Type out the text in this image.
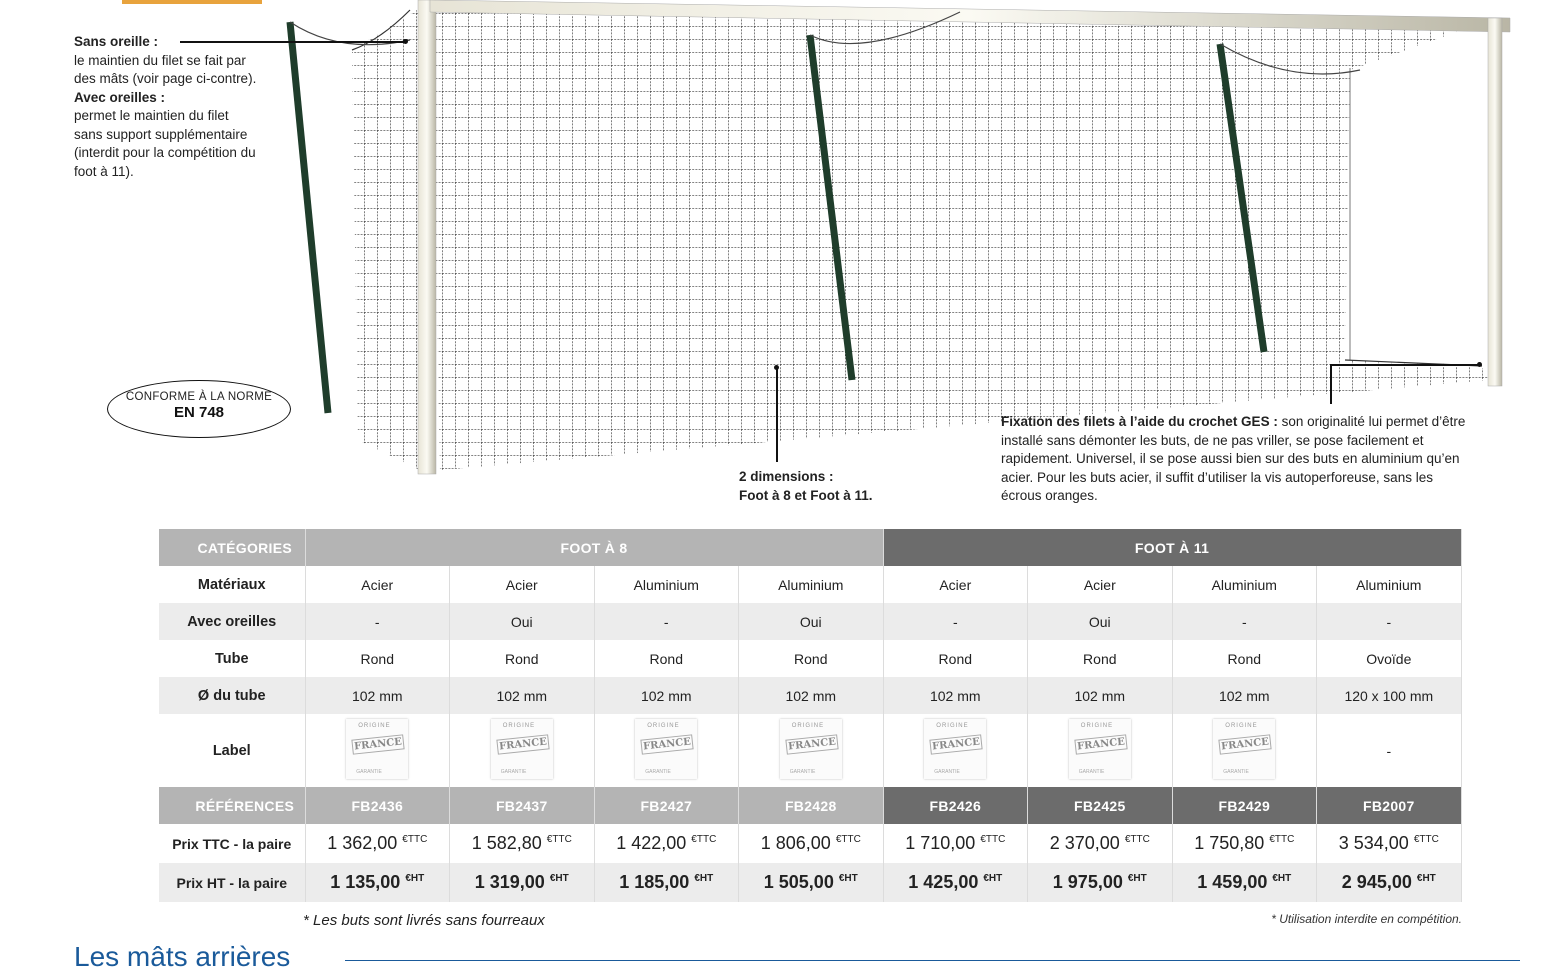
Sans oreille :
le maintien du filet se fait par des mâts (voir page ci-contre).
Avec oreilles :
permet le maintien du filet sans support supplémentaire (interdit pour la compétition du foot à 11).
2 dimensions :
Foot à 8 et Foot à 11.
Fixation des filets à l’aide du crochet GES : son originalité lui permet d’être installé sans démonter les buts, de ne pas vriller, se pose facilement et rapidement. Universel, il se pose aussi bien sur des buts en aluminium qu’en acier. Pour les buts acier, il suffit d’utiliser la vis autoperforeuse, sans les écrous oranges.
CONFORME À LA NORME
EN 748
CATÉGORIES	FOOT À 8				FOOT À 11			
Matériaux	Acier	Acier	Aluminium	Aluminium	Acier	Acier	Aluminium	Aluminium
Avec oreilles	-	Oui	-	Oui	-	Oui	-	-
Tube	Rond	Rond	Rond	Rond	Rond	Rond	Rond	Ovoïde
Ø du tube	102 mm	102 mm	102 mm	102 mm	102 mm	102 mm	102 mm	120 x 100 mm
Label	ORIGINE
FRANCE
GARANTIE	ORIGINE
FRANCE
GARANTIE	ORIGINE
FRANCE
GARANTIE	ORIGINE
FRANCE
GARANTIE	ORIGINE
FRANCE
GARANTIE	ORIGINE
FRANCE
GARANTIE	ORIGINE
FRANCE
GARANTIE	-
RÉFÉRENCES	FB2436	FB2437	FB2427	FB2428	FB2426	FB2425	FB2429	FB2007
Prix TTC - la paire	1 362,00 $^{€TTC}$	1 582,80 $^{€TTC}$	1 422,00 $^{€TTC}$	1 806,00 $^{€TTC}$	1 710,00 $^{€TTC}$	2 370,00 $^{€TTC}$	1 750,80 $^{€TTC}$	3 534,00 $^{€TTC}$
Prix HT - la paire	1 135,00 $^{€HT}$	1 319,00 $^{€HT}$	1 185,00 $^{€HT}$	1 505,00 $^{€HT}$	1 425,00 $^{€HT}$	1 975,00 $^{€HT}$	1 459,00 $^{€HT}$	2 945,00 $^{€HT}$
* Les buts sont livrés sans fourreaux	* Utilisation interdite en compétition.
Les mâts arrières
